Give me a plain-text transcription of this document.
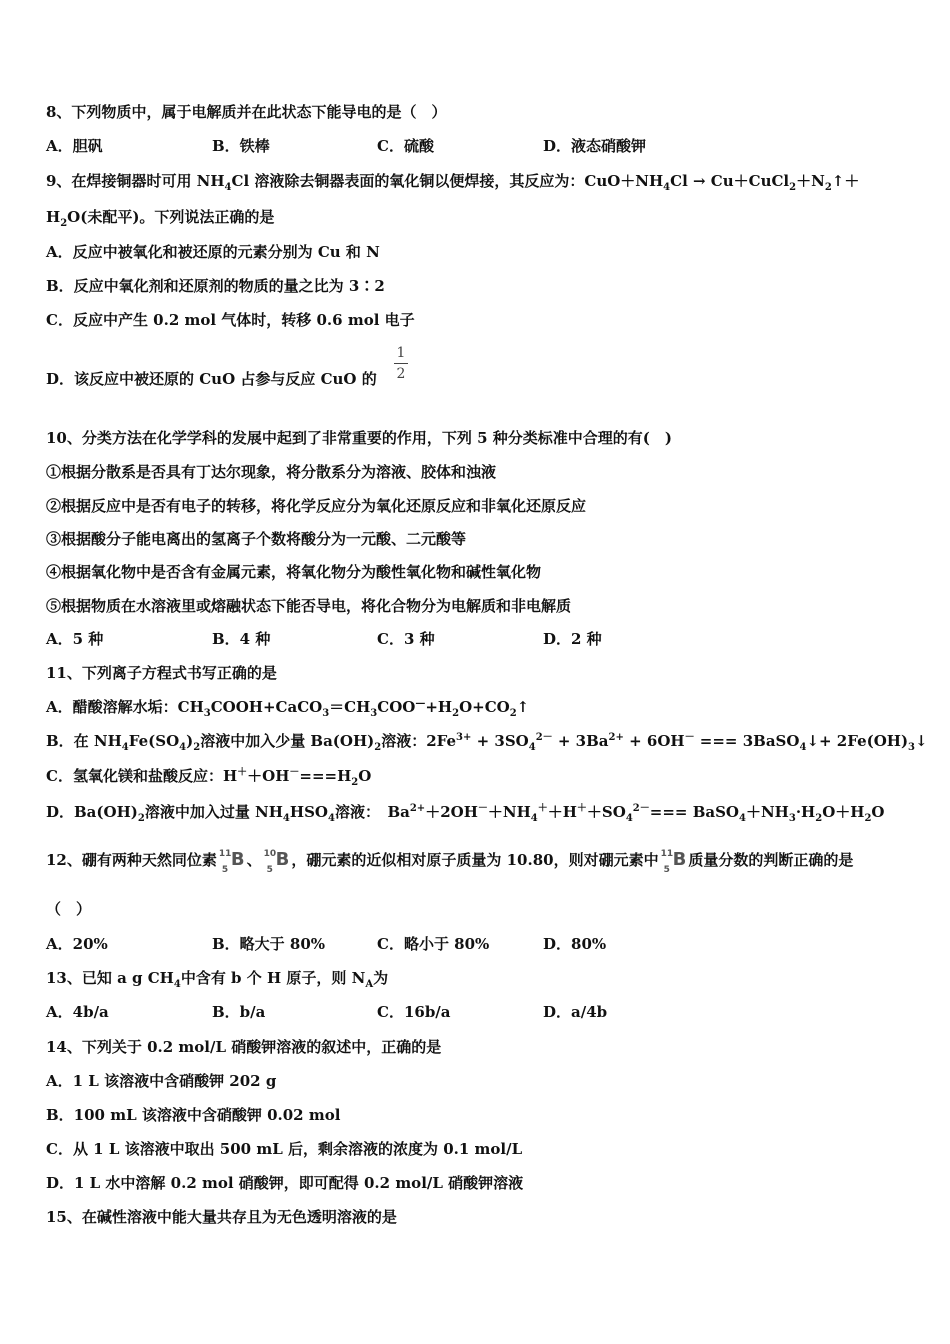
8、下列物质中，属于电解质并在此状态下能导电的是（　）
A．胆矾	B．铁棒	C．硫酸	D．液态硝酸钾
9、在焊接铜器时可用 $NH_4Cl$ 溶液除去铜器表面的氧化铜以便焊接，其反应为：$CuO+NH_4Cl$ → $Cu+CuCl_2+N_2↑+$
$H_2O$(未配平)。下列说法正确的是
A．反应中被氧化和被还原的元素分别为 Cu 和 N
B．反应中氧化剂和还原剂的物质的量之比为 3∶2
C．反应中产生 0.2 mol 气体时，转移 0.6 mol 电子
D．该反应中被还原的 CuO 占参与反应 CuO 的
1
2
10、分类方法在化学学科的发展中起到了非常重要的作用，下列 5 种分类标准中合理的有(　)
①根据分散系是否具有丁达尔现象，将分散系分为溶液、胶体和浊液
②根据反应中是否有电子的转移，将化学反应分为氧化还原反应和非氧化还原反应
③根据酸分子能电离出的氢离子个数将酸分为一元酸、二元酸等
④根据氧化物中是否含有金属元素，将氧化物分为酸性氧化物和碱性氧化物
⑤根据物质在水溶液里或熔融状态下能否导电，将化合物分为电解质和非电解质
A．5 种	B．4 种	C．3 种	D．2 种
11、下列离子方程式书写正确的是
A．醋酸溶解水垢：$CH_3COOH+CaCO_3=CH_3COO^—+H_2O+CO_2↑$
B．在 $NH_4Fe(SO_4)_2$溶液中加入少量 $Ba(OH)_2$溶液：$2Fe^{3+} + 3SO_4^{2-} + 3Ba^{2+} + 6OH^-$ === 3BaSO$_4$↓+ $2Fe(OH)_3↓$
C．氢氧化镁和盐酸反应：$H^++OH^-===H_2O$
D．$Ba(OH)_2$溶液中加入过量 $NH_4HSO_4$溶液：　$Ba^{2+}+2OH^-+NH_4^++H^++SO_4^{2-}===$ $BaSO_4+NH_3\cdot H_2O+H_2O$
12、硼有两种天然同位素 11
5 B 、 10
5 B ，硼元素的近似相对原子质量为 10.80，则对硼元素中 11
5 B 质量分数的判断正确的是
（　）
A．20%	B．略大于 80%	C．略小于 80%	D．80%
13、已知 a g $CH_4$中含有 b 个 H 原子，则 $N_A$为
A．4b/a	B．b/a	C．16b/a	D．a/4b
14、下列关于 0.2 mol/L 硝酸钾溶液的叙述中，正确的是
A．1 L 该溶液中含硝酸钾 202 g
B．100 mL 该溶液中含硝酸钾 0.02 mol
C．从 1 L 该溶液中取出 500 mL 后，剩余溶液的浓度为 0.1 mol/L
D．1 L 水中溶解 0.2 mol 硝酸钾，即可配得 0.2 mol/L 硝酸钾溶液
15、在碱性溶液中能大量共存且为无色透明溶液的是
